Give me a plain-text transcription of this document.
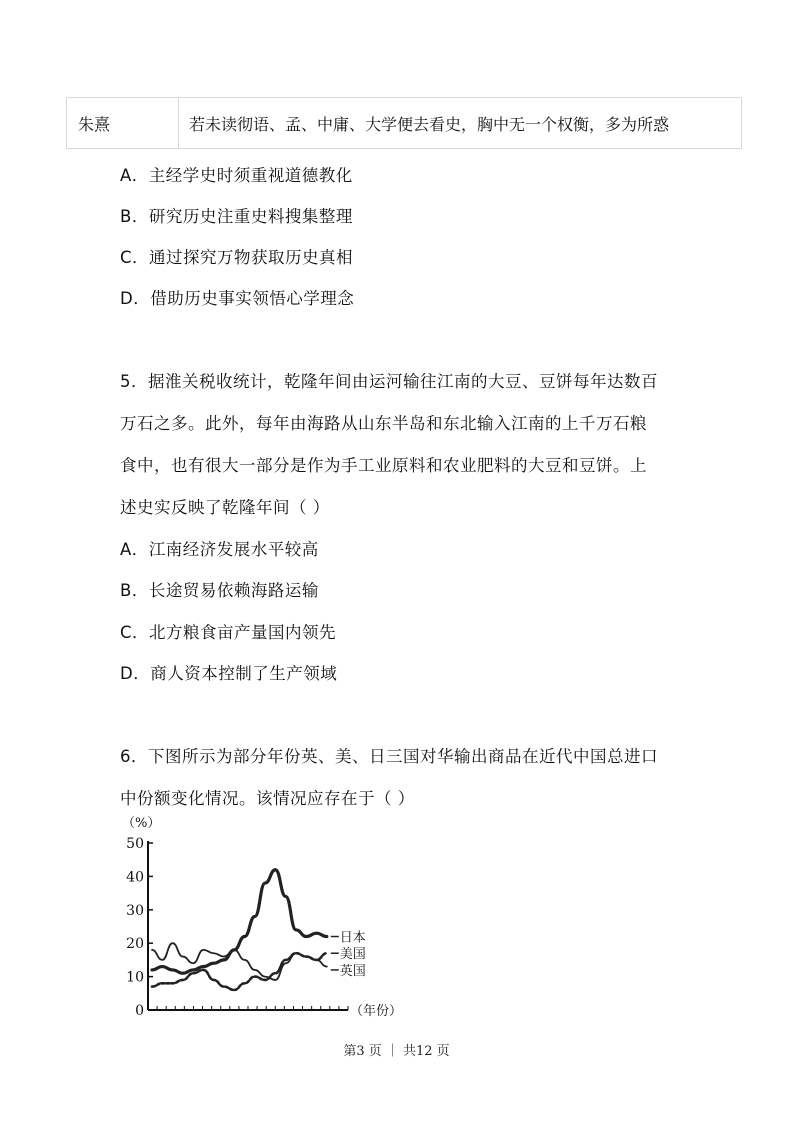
朱熹	若未读彻语、孟、中庸、大学便去看史，胸中无一个权衡，多为所惑
A．主经学史时须重视道德教化
B．研究历史注重史料搜集整理
C．通过探究万物获取历史真相
D．借助历史事实领悟心学理念
5．据淮关税收统计，乾隆年间由运河输往江南的大豆、豆饼每年达数百
万石之多。此外，每年由海路从山东半岛和东北输入江南的上千万石粮
食中，也有很大一部分是作为手工业原料和农业肥料的大豆和豆饼。上
述史实反映了乾隆年间（ ）
A．江南经济发展水平较高
B．长途贸易依赖海路运输
C．北方粮食亩产量国内领先
D．商人资本控制了生产领域
6．下图所示为部分年份英、美、日三国对华输出商品在近代中国总进口
中份额变化情况。该情况应存在于（ ）
（%）
0
10
20
30
40
50
（年份）
日本
美国
英国
第3 页 ｜ 共12 页
